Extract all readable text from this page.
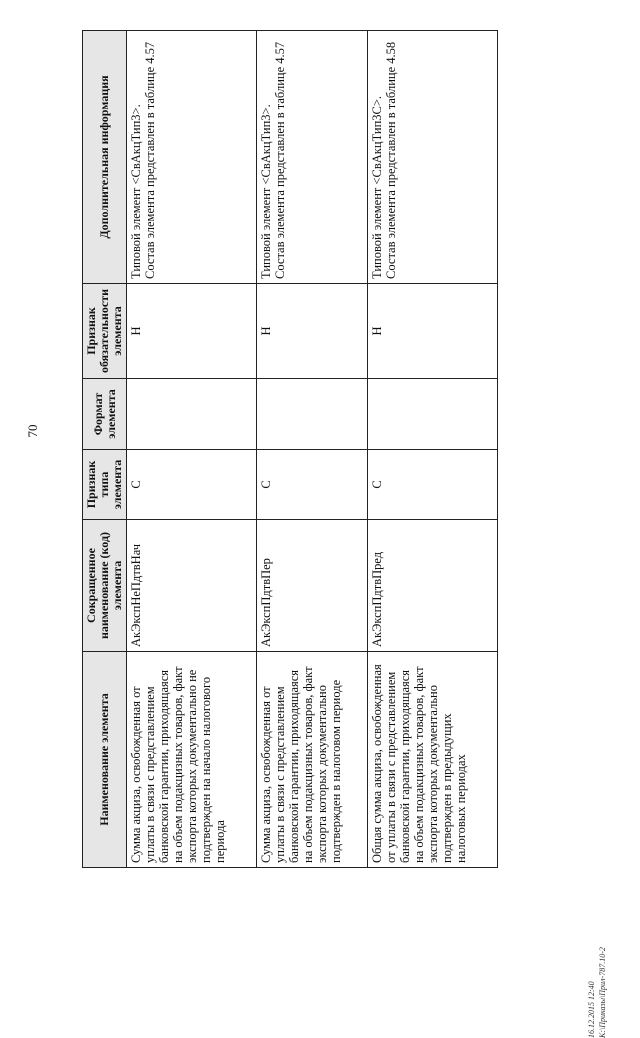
70
Наименование элемента	Сокращенное наименование (код) элемента	Признак типа элемента	Формат элемента	Признак обязательности элемента	Дополнительная информация
Сумма акциза, освобожденная от уплаты в связи с представлением банковской гарантии, приходящаяся на объем подакцизных товаров, факт экспорта которых документально не подтвержден на начало налогового периода	АкЭкспНеПдтвНач	С		Н	Типовой элемент <СвАкцТип3>. Состав элемента представлен в таблице 4.57

Сумма акциза, освобожденная от уплаты в связи с представлением банковской гарантии, приходящаяся на объем подакцизных товаров, факт экспорта которых документально подтвержден в налоговом периоде	АкЭкспПдтвПер	С		Н	Типовой элемент <СвАкцТип3>. Состав элемента представлен в таблице 4.57

Общая сумма акциза, освобожденная от уплаты в связи с представлением банковской гарантии, приходящаяся на объем подакцизных товаров, факт экспорта которых документально подтвержден в предыдущих налоговых периодах	АкЭкспПдтвПред	С		Н	Типовой элемент <СвАкцТип3С>. Состав элемента представлен в таблице 4.58
16.12.2015 12:40 К:\Приказы\Прил-787.10-2
